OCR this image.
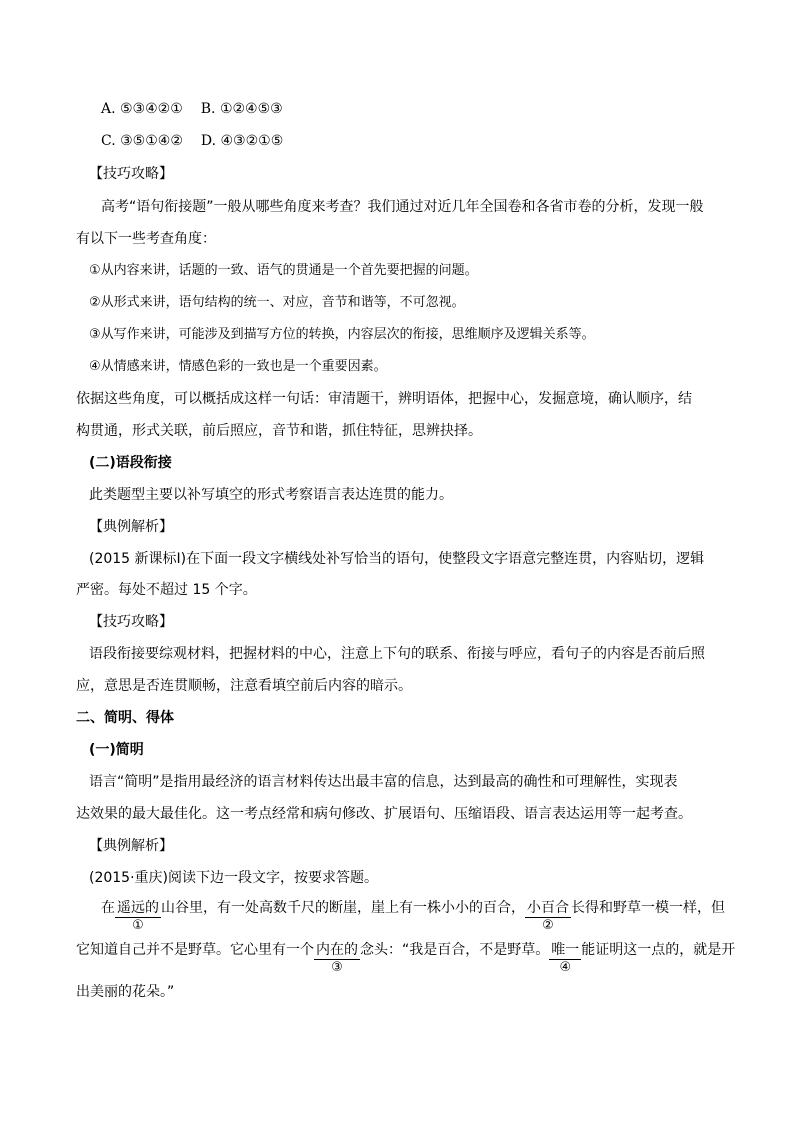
A. ⑤③④②① B. ①②④⑤③
C. ③⑤①④② D. ④③②①⑤
【技巧攻略】
高考“语句衔接题”一般从哪些角度来考查？我们通过对近几年全国卷和各省市卷的分析，发现一般
有以下一些考查角度：
①从内容来讲，话题的一致、语气的贯通是一个首先要把握的问题。
②从形式来讲，语句结构的统一、对应，音节和谐等，不可忽视。
③从写作来讲，可能涉及到描写方位的转换，内容层次的衔接，思维顺序及逻辑关系等。
④从情感来讲，情感色彩的一致也是一个重要因素。
依据这些角度，可以概括成这样一句话：审清题干，辨明语体，把握中心，发掘意境，确认顺序，结
构贯通，形式关联，前后照应，音节和谐，抓住特征，思辨抉择。
(二)语段衔接
此类题型主要以补写填空的形式考察语言表达连贯的能力。
【典例解析】
(2015 新课标Ⅰ)在下面一段文字横线处补写恰当的语句，使整段文字语意完整连贯，内容贴切，逻辑
严密。每处不超过 15 个字。
【技巧攻略】
语段衔接要综观材料，把握材料的中心，注意上下句的联系、衔接与呼应，看句子的内容是否前后照
应，意思是否连贯顺畅，注意看填空前后内容的暗示。
二、简明、得体
(一)简明
语言“简明”是指用最经济的语言材料传达出最丰富的信息，达到最高的确性和可理解性，实现表
达效果的最大最佳化。这一考点经常和病句修改、扩展语句、压缩语段、语言表达运用等一起考查。
【典例解析】
(2015·重庆)阅读下边一段文字，按要求答题。
在 遥远的
①
山谷里，有一处高数千尺的断崖，崖上有一株小小的百合， 小百合
②
长得和野草一模一样，但
它知道自己并不是野草。它心里有一个 内在的
③
念头：“我是百合，不是野草。 唯一
④
能证明这一点的，就是开
出美丽的花朵。”
